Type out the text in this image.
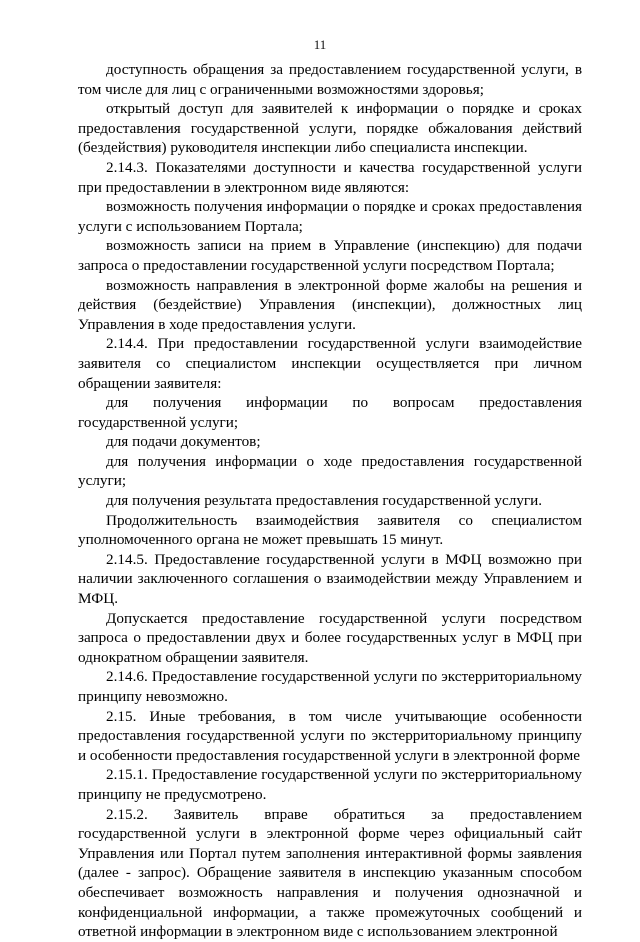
11

доступность обращения за предоставлением государственной услуги, в том числе для лиц с ограниченными возможностями здоровья;

открытый доступ для заявителей к информации о порядке и сроках предоставления государственной услуги, порядке обжалования действий (бездействия) руководителя инспекции либо специалиста инспекции.

2.14.3. Показателями доступности и качества государственной услуги при предоставлении в электронном виде являются:

возможность получения информации о порядке и сроках предоставления услуги с использованием Портала;

возможность записи на прием в Управление (инспекцию) для подачи запроса о предоставлении государственной услуги посредством Портала;

возможность направления в электронной форме жалобы на решения и действия (бездействие) Управления (инспекции), должностных лиц Управления в ходе предоставления услуги.

2.14.4. При предоставлении государственной услуги взаимодействие заявителя со специалистом инспекции осуществляется при личном обращении заявителя:

для получения информации по вопросам предоставления государственной услуги;

для подачи документов;

для получения информации о ходе предоставления государственной услуги;

для получения результата предоставления государственной услуги.

Продолжительность взаимодействия заявителя со специалистом уполномоченного органа не может превышать 15 минут.

2.14.5. Предоставление государственной услуги в МФЦ возможно при наличии заключенного соглашения о взаимодействии между Управлением и МФЦ.

Допускается предоставление государственной услуги посредством запроса о предоставлении двух и более государственных услуг в МФЦ при однократном обращении заявителя.

2.14.6. Предоставление государственной услуги по экстерриториальному принципу невозможно.

2.15. Иные требования, в том числе учитывающие особенности предоставления государственной услуги по экстерриториальному принципу и особенности предоставления государственной услуги в электронной форме

2.15.1. Предоставление государственной услуги по экстерриториальному принципу не предусмотрено.

2.15.2. Заявитель вправе обратиться за предоставлением государственной услуги в электронной форме через официальный сайт Управления или Портал путем заполнения интерактивной формы заявления (далее - запрос). Обращение заявителя в инспекцию указанным способом обеспечивает возможность направления и получения однозначной и конфиденциальной информации, а также промежуточных сообщений и ответной информации в электронном виде с использованием электронной
